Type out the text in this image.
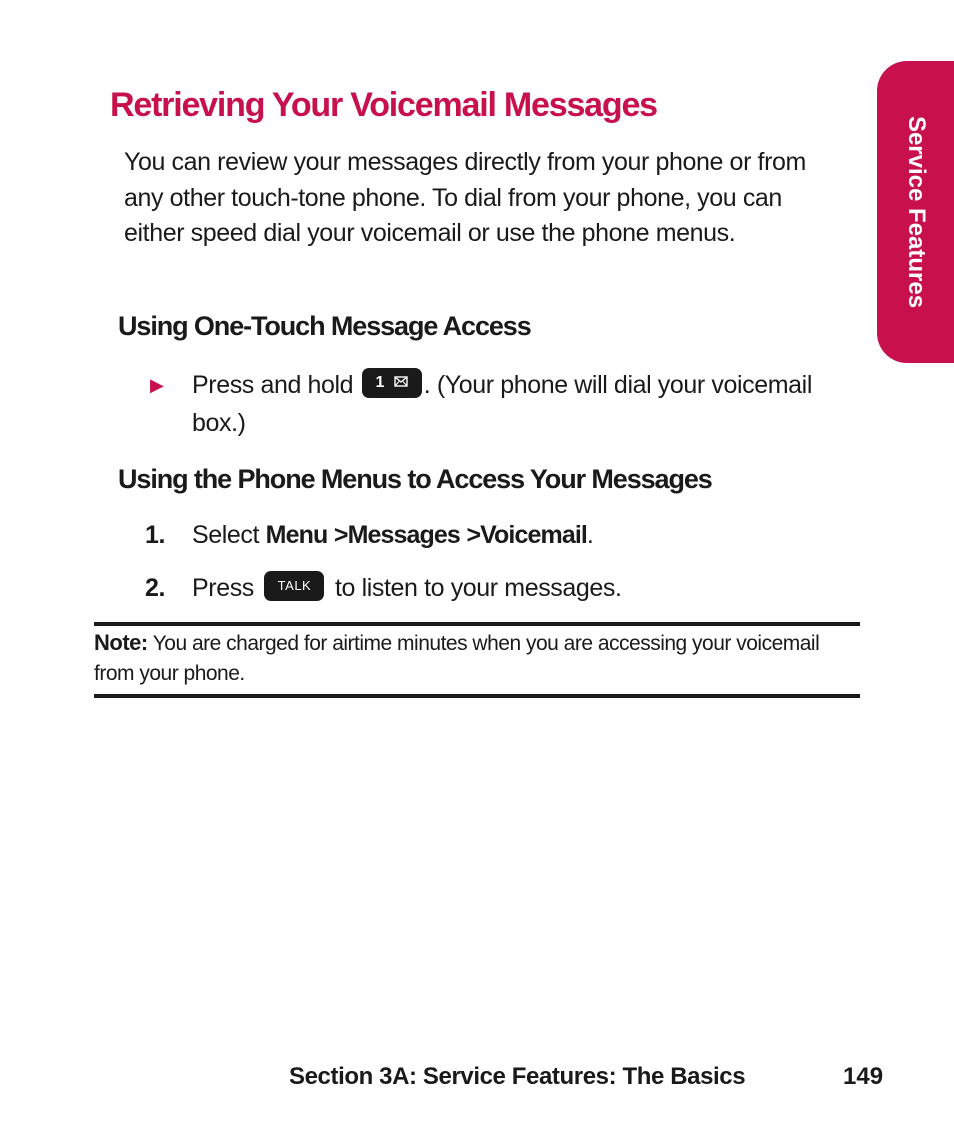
Service Features
Retrieving Your Voicemail Messages

You can review your messages directly from your phone or from any other touch-tone phone. To dial from your phone, you can either speed dial your voicemail or use the phone menus.

Using One-Touch Message Access
▶ Press and hold 1 . (Your phone will dial your voicemail box.)
Using the Phone Menus to Access Your Messages
1. Select Menu >Messages >Voicemail.
2. Press TALK to listen to your messages.

Note: You are charged for airtime minutes when you are accessing your voicemail from your phone.

Section 3A: Service Features: The Basics	149
